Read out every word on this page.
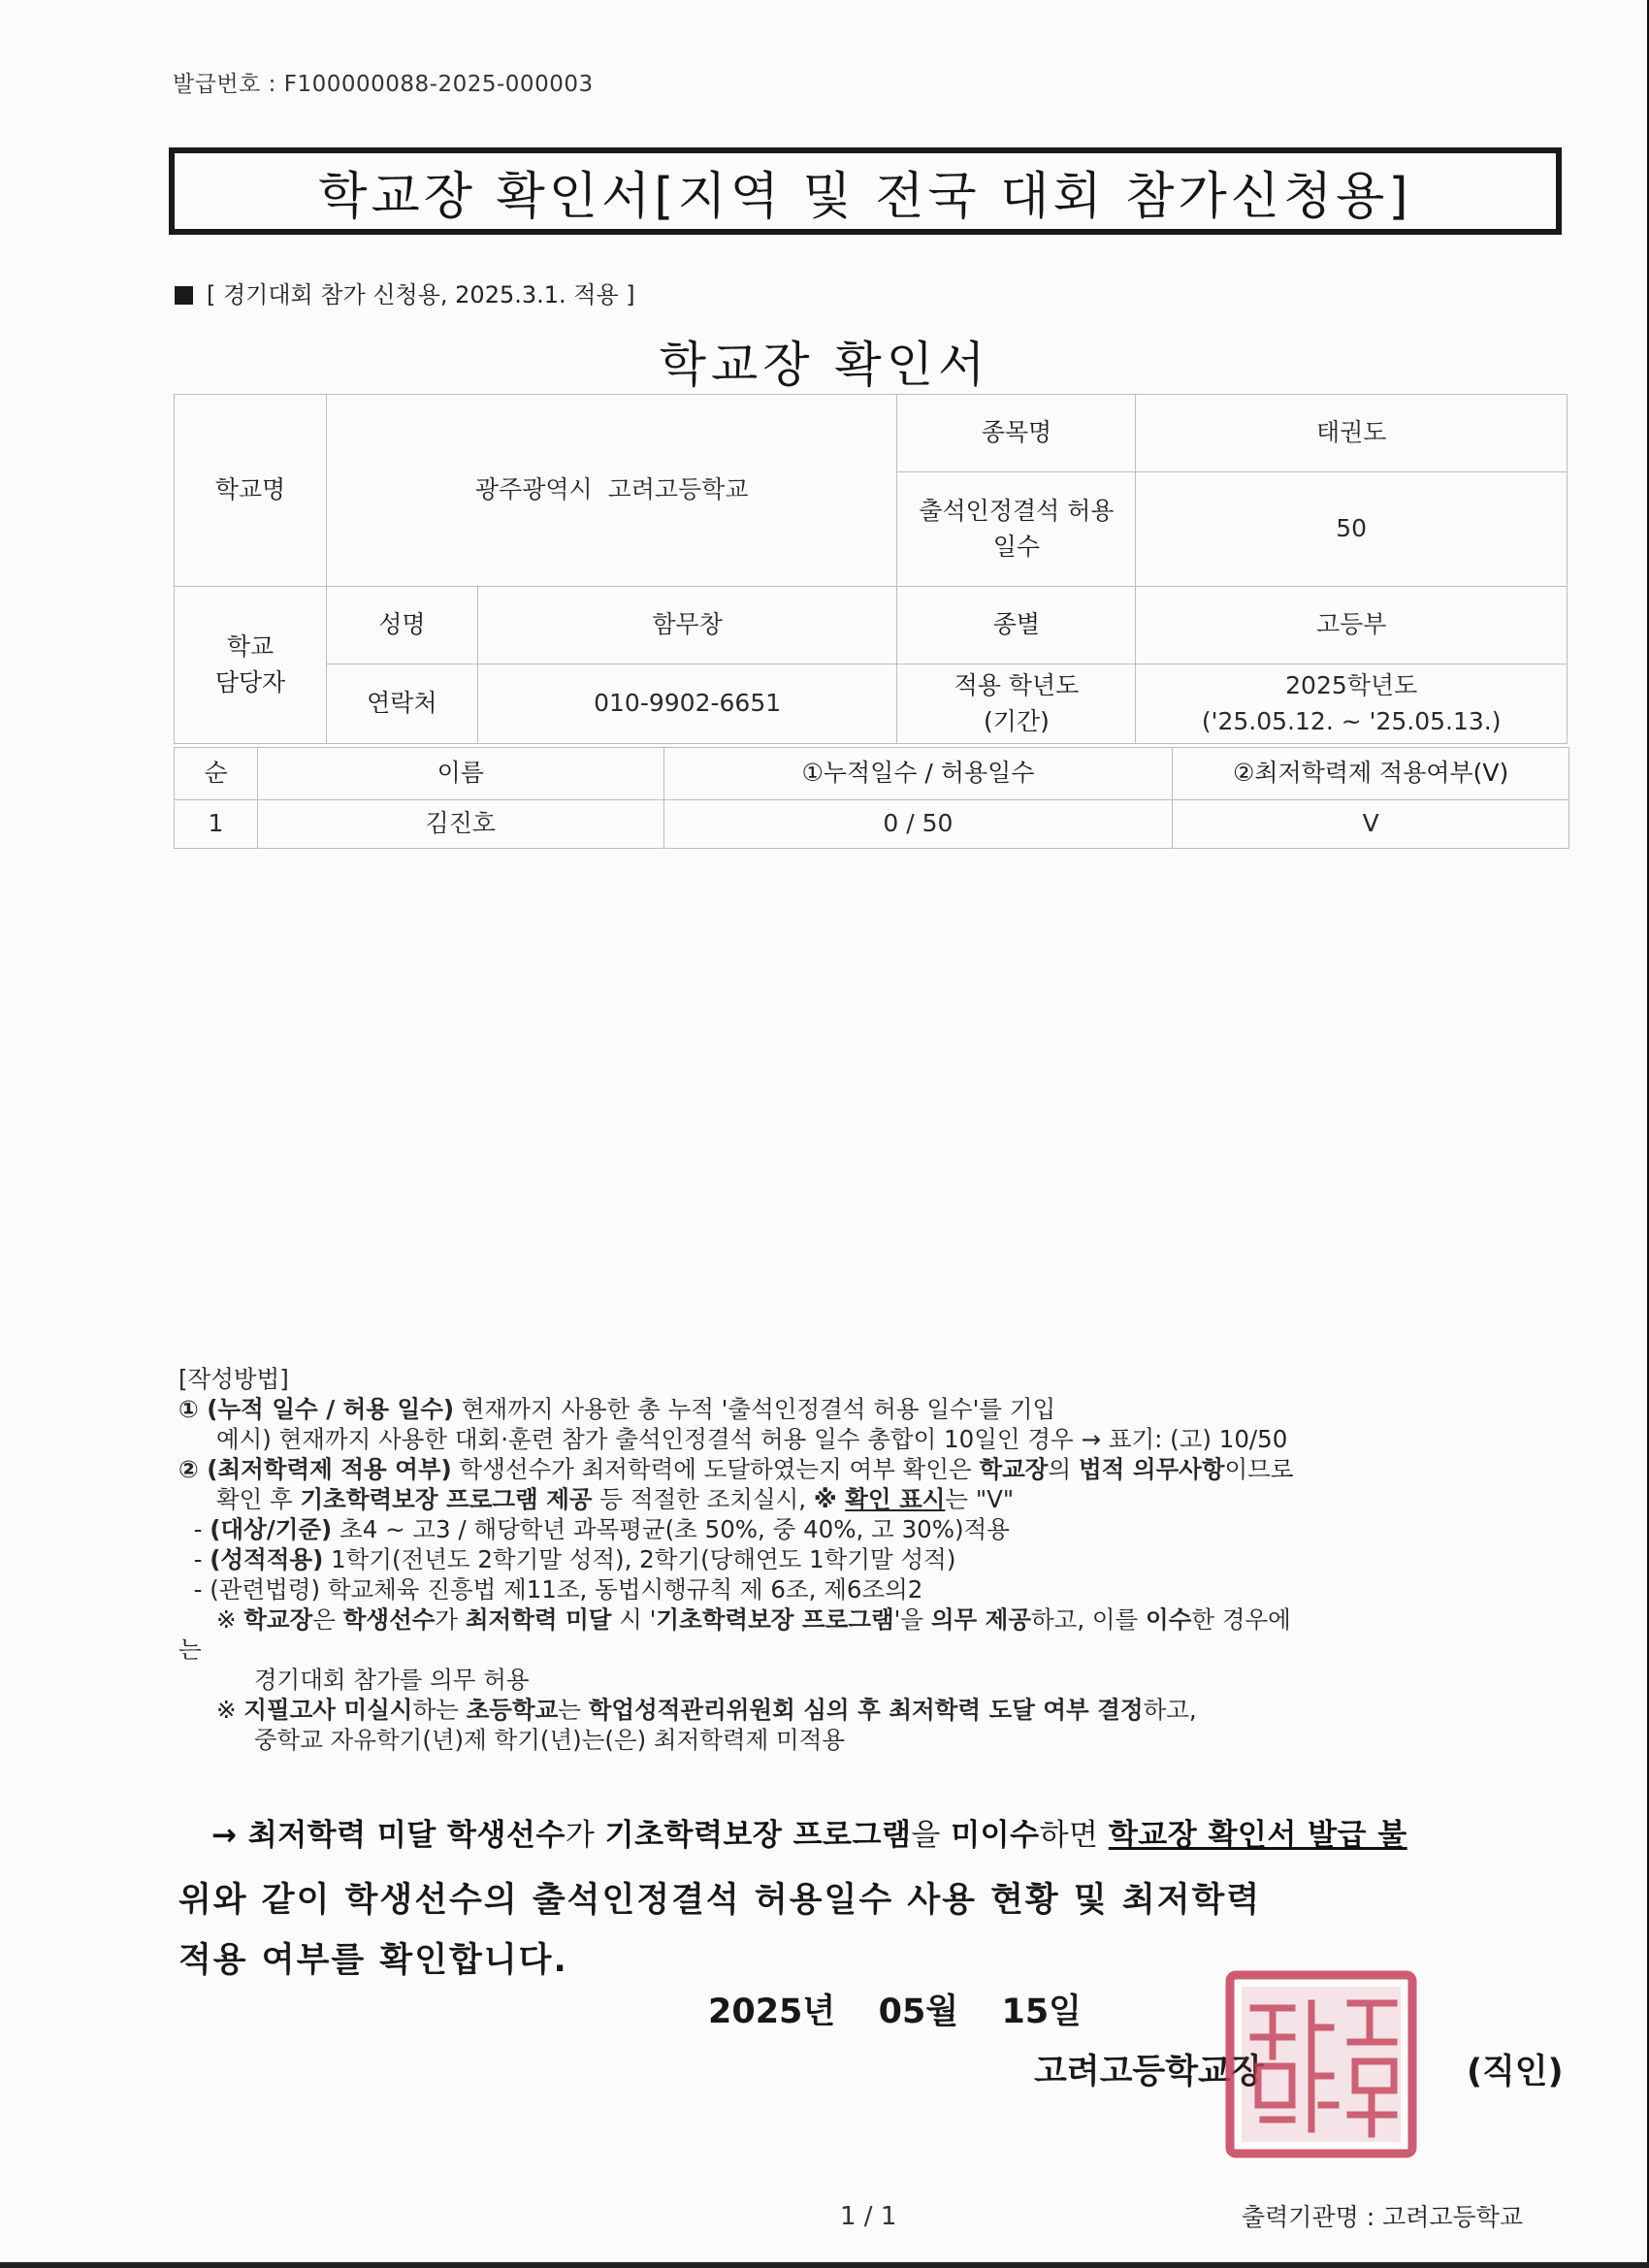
발급번호 : F100000088-2025-000003
학교장 확인서[지역 및 전국 대회 참가신청용]
[ 경기대회 참가 신청용, 2025.3.1. 적용 ]
학교장 확인서
학교명	광주광역시  고려고등학교		종목명	태권도
			출석인정결석 허용 일수	50
학교 담당자	성명	함무창	종별	고등부
	연락처	010-9902-6651	적용 학년도 (기간)	2025학년도
('25.05.12. ~ '25.05.13.)
순	이름	①누적일수 / 허용일수	②최저학력제 적용여부(V)
1	김진호	0 / 50	V
[작성방법]
① (누적 일수 / 허용 일수) 현재까지 사용한 총 누적 '출석인정결석 허용 일수'를 기입
예시) 현재까지 사용한 대회·훈련 참가 출석인정결석 허용 일수 총합이 10일인 경우 → 표기: (고) 10/50
② (최저학력제 적용 여부) 학생선수가 최저학력에 도달하였는지 여부 확인은 학교장의 법적 의무사항이므로
확인 후 기초학력보장 프로그램 제공 등 적절한 조치실시, ※ 확인 표시는 "V"
- (대상/기준) 초4 ~ 고3 / 해당학년 과목평균(초 50%, 중 40%, 고 30%)적용
- (성적적용) 1학기(전년도 2학기말 성적), 2학기(당해연도 1학기말 성적)
- (관련법령) 학교체육 진흥법 제11조, 동법시행규칙 제 6조, 제6조의2
※ 학교장은 학생선수가 최저학력 미달 시 '기초학력보장 프로그램'을 의무 제공하고, 이를 이수한 경우에
는
경기대회 참가를 의무 허용
※ 지필고사 미실시하는 초등학교는 학업성적관리위원회 심의 후 최저학력 도달 여부 결정하고,
중학교 자유학기(년)제 학기(년)는(은) 최저학력제 미적용
→ 최저학력 미달 학생선수가 기초학력보장 프로그램을 미이수하면 학교장 확인서 발급 불
위와 같이 학생선수의 출석인정결석 허용일수 사용 현황 및 최저학력
적용 여부를 확인합니다.
2025년  05월  15일
고려고등학교장	(직인)
1 / 1	출력기관명 : 고려고등학교
